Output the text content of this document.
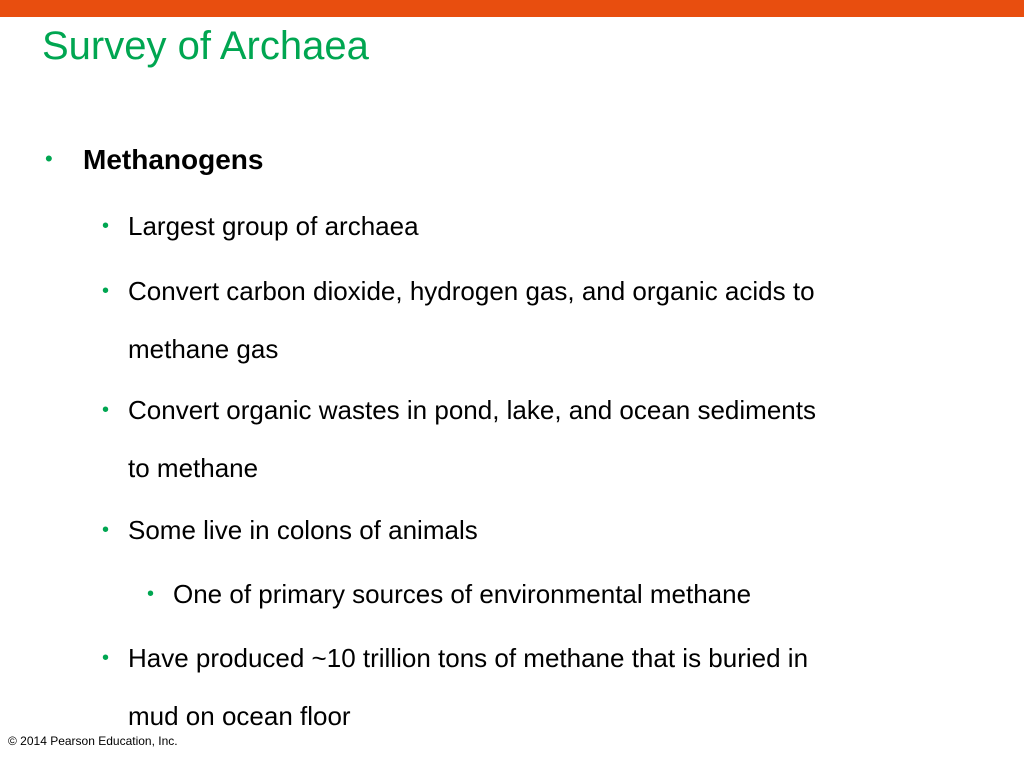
Survey of Archaea
• Methanogens
• Largest group of archaea
• Convert carbon dioxide, hydrogen gas, and organic acids to
methane gas
• Convert organic wastes in pond, lake, and ocean sediments
to methane
• Some live in colons of animals
• One of primary sources of environmental methane
• Have produced ~10 trillion tons of methane that is buried in
mud on ocean floor
© 2014 Pearson Education, Inc.
